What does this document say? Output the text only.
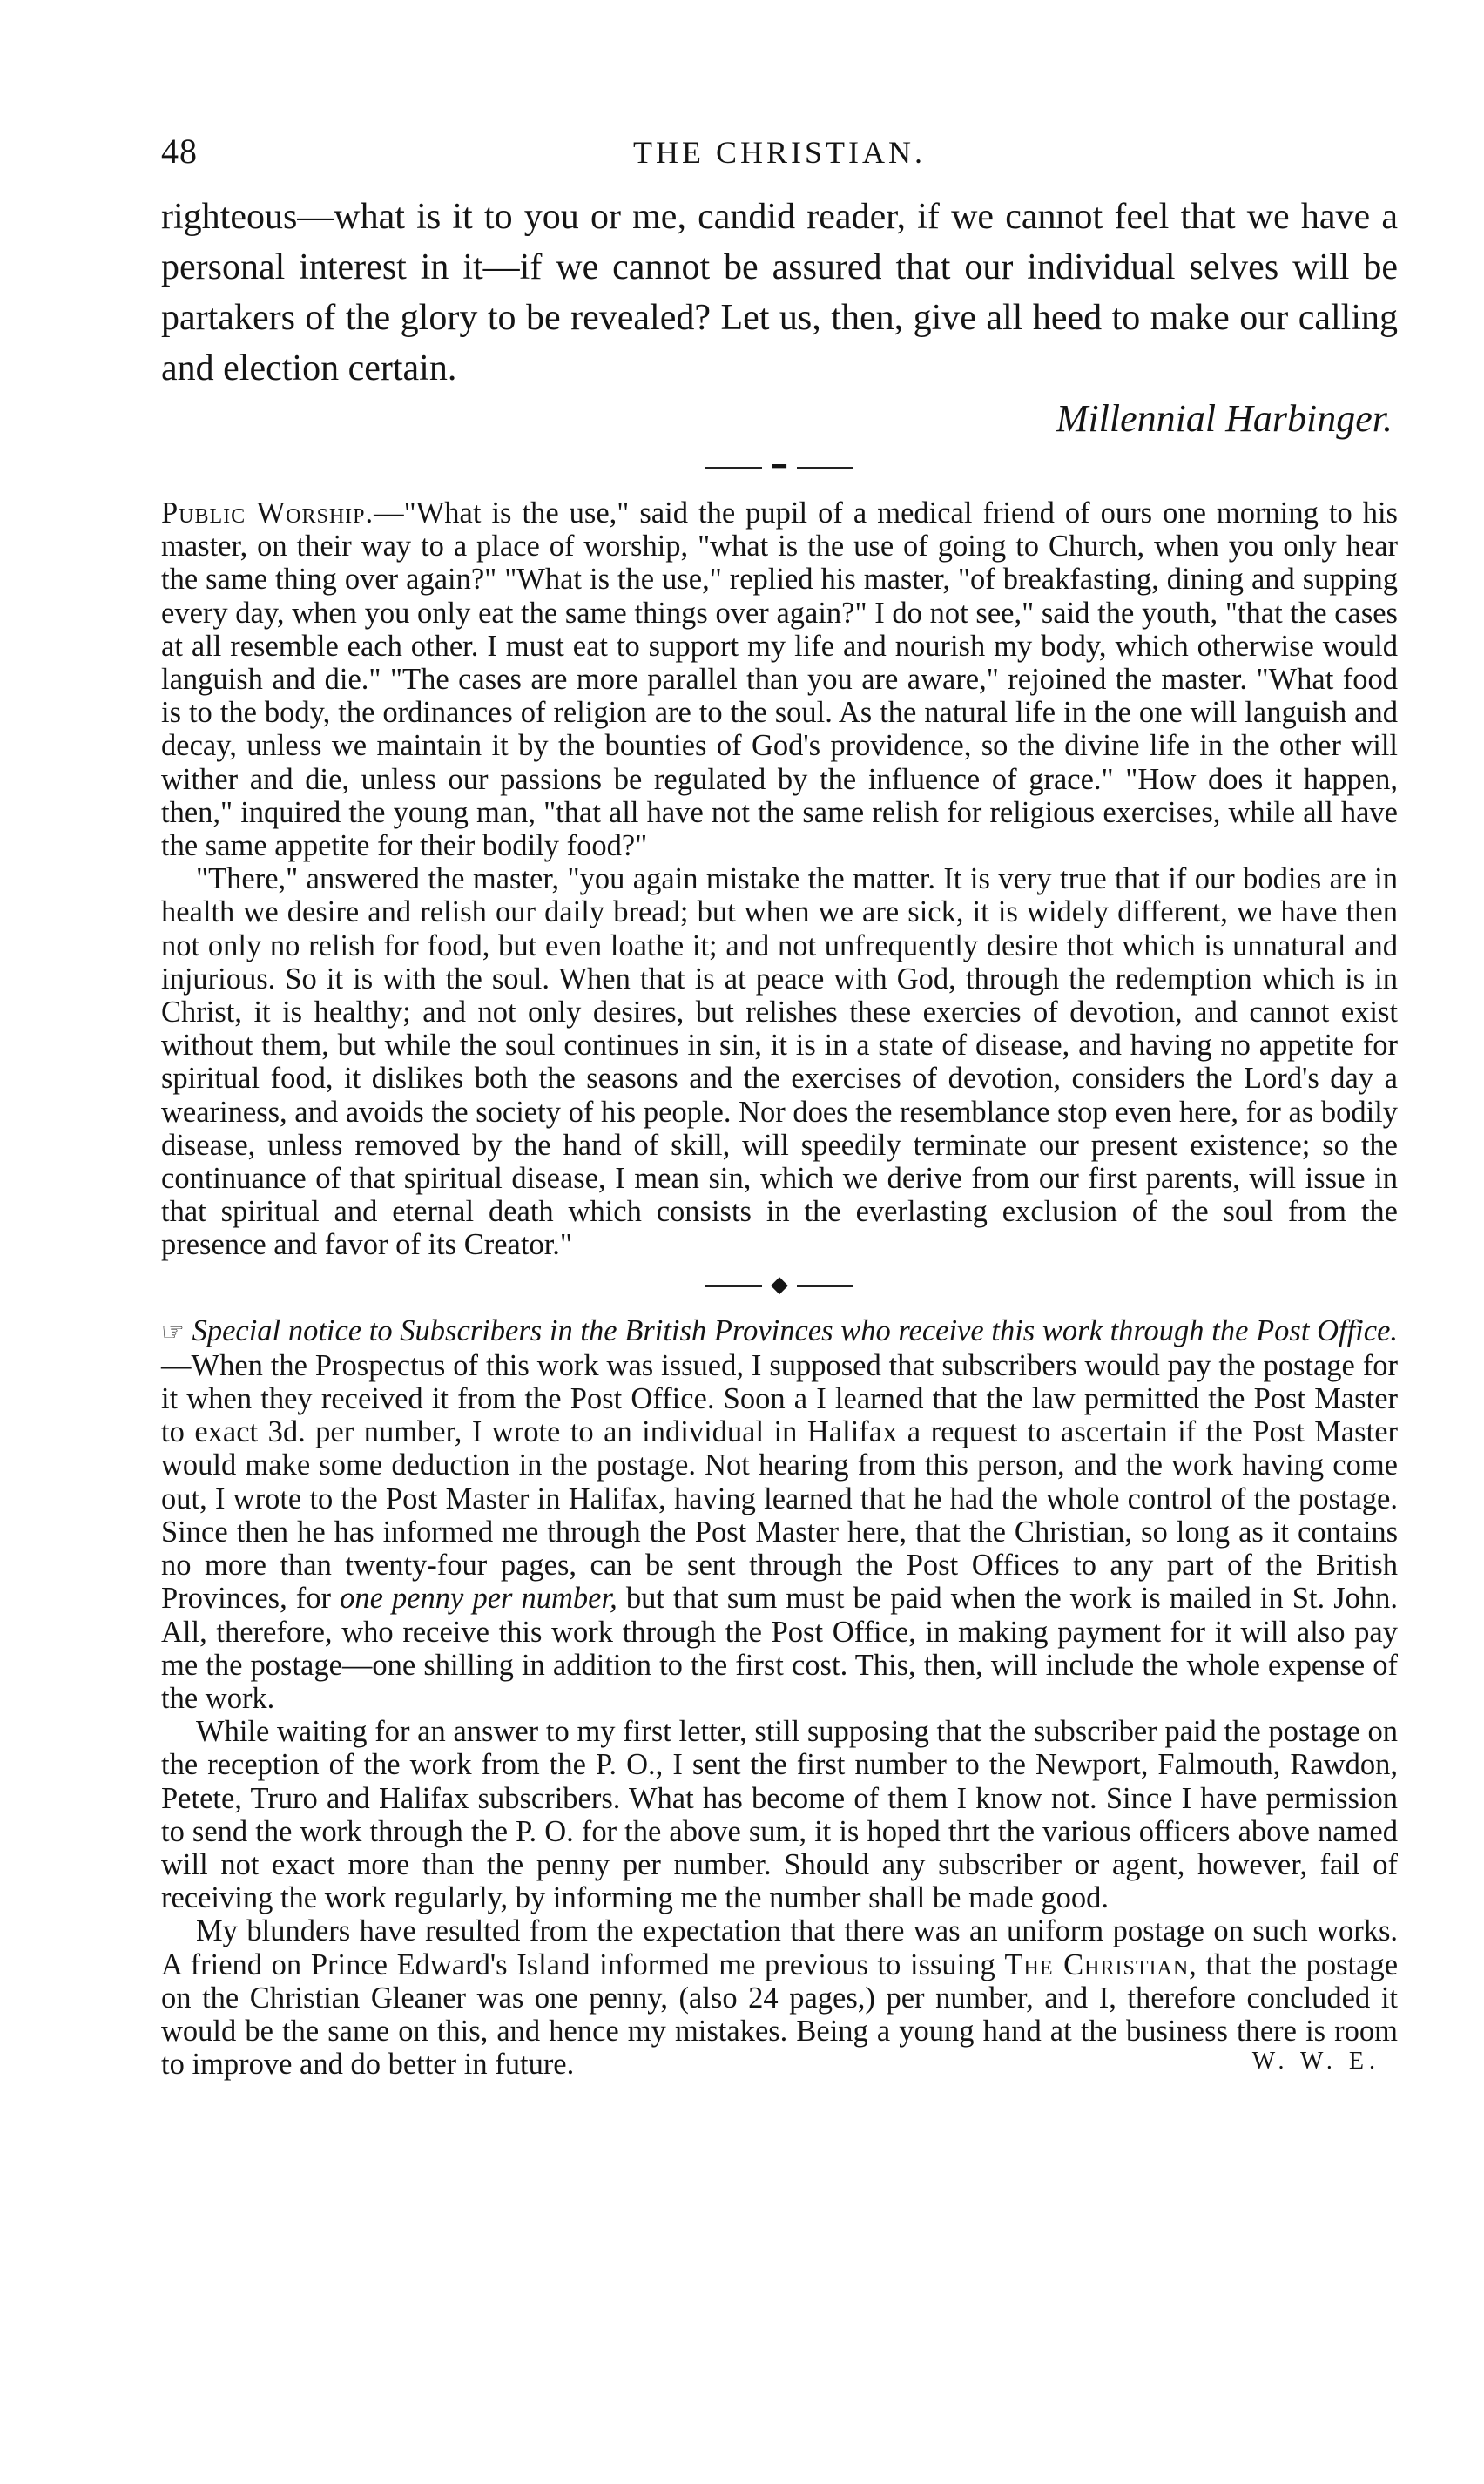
48	THE CHRISTIAN.

righteous—what is it to you or me, candid reader, if we cannot feel that we have a personal interest in it—if we cannot be assured that our individual selves will be partakers of the glory to be revealed? Let us, then, give all heed to make our calling and election certain.

Millennial Harbinger.
━

Public Worship.—"What is the use," said the pupil of a medical friend of ours one morning to his master, on their way to a place of worship, "what is the use of going to Church, when you only hear the same thing over again?" "What is the use," replied his master, "of breakfasting, dining and supping every day, when you only eat the same things over again?" I do not see," said the youth, "that the cases at all resemble each other. I must eat to support my life and nourish my body, which otherwise would languish and die." "The cases are more parallel than you are aware," rejoined the master. "What food is to the body, the ordinances of religion are to the soul. As the natural life in the one will languish and decay, unless we maintain it by the bounties of God's providence, so the divine life in the other will wither and die, unless our passions be regulated by the influence of grace." "How does it happen, then," inquired the young man, "that all have not the same relish for religious exercises, while all have the same appetite for their bodily food?"

"There," answered the master, "you again mistake the matter. It is very true that if our bodies are in health we desire and relish our daily bread; but when we are sick, it is widely different, we have then not only no relish for food, but even loathe it; and not unfrequently desire thot which is unnatural and injurious. So it is with the soul. When that is at peace with God, through the redemption which is in Christ, it is healthy; and not only desires, but relishes these exercies of devotion, and cannot exist without them, but while the soul continues in sin, it is in a state of disease, and having no appetite for spiritual food, it dislikes both the seasons and the exercises of devotion, considers the Lord's day a weariness, and avoids the society of his people. Nor does the resemblance stop even here, for as bodily disease, unless removed by the hand of skill, will speedily terminate our present existence; so the continuance of that spiritual disease, I mean sin, which we derive from our first parents, will issue in that spiritual and eternal death which consists in the everlasting exclusion of the soul from the presence and favor of its Creator."

◆

☞ Special notice to Subscribers in the British Provinces who receive this work through the Post Office.—When the Prospectus of this work was issued, I supposed that subscribers would pay the postage for it when they received it from the Post Office. Soon a I learned that the law permitted the Post Master to exact 3d. per number, I wrote to an individual in Halifax a request to ascertain if the Post Master would make some deduction in the postage. Not hearing from this person, and the work having come out, I wrote to the Post Master in Halifax, having learned that he had the whole control of the postage. Since then he has informed me through the Post Master here, that the Christian, so long as it contains no more than twenty-four pages, can be sent through the Post Offices to any part of the British Provinces, for one penny per number, but that sum must be paid when the work is mailed in St. John. All, therefore, who receive this work through the Post Office, in making payment for it will also pay me the postage—one shilling in addition to the first cost. This, then, will include the whole expense of the work.

While waiting for an answer to my first letter, still supposing that the subscriber paid the postage on the reception of the work from the P. O., I sent the first number to the Newport, Falmouth, Rawdon, Petete, Truro and Halifax subscribers. What has become of them I know not. Since I have permission to send the work through the P. O. for the above sum, it is hoped thrt the various officers above named will not exact more than the penny per number. Should any subscriber or agent, however, fail of receiving the work regularly, by informing me the number shall be made good.

My blunders have resulted from the expectation that there was an uniform postage on such works. A friend on Prince Edward's Island informed me previous to issuing The Christian, that the postage on the Christian Gleaner was one penny, (also 24 pages,) per number, and I, therefore concluded it would be the same on this, and hence my mistakes. Being a young hand at the business there is room to improve and do better in future.	W. W. E.
